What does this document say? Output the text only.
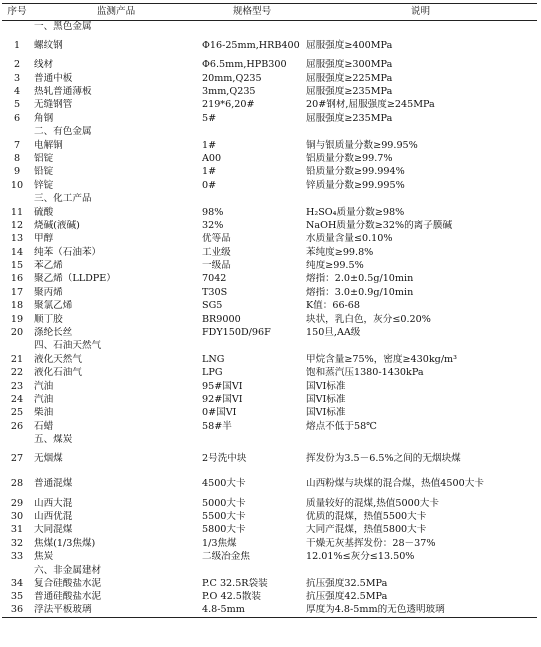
序号	监测产品	规格型号	说明
	一、黑色金属		
1	螺纹钢	Φ16-25mm,HRB400	屈服强度≥400MPa
2	线材	Φ6.5mm,HPB300	屈服强度≥300MPa
3	普通中板	20mm,Q235	屈服强度≥225MPa
4	热轧普通薄板	3mm,Q235	屈服强度≥235MPa
5	无缝钢管	219*6,20#	20#钢材,屈服强度≥245MPa
6	角钢	5#	屈服强度≥235MPa
	二、有色金属		
7	电解铜	1#	铜与银质量分数≥99.95%
8	铝锭	A00	铝质量分数≥99.7%
9	铅锭	1#	铅质量分数≥99.994%
10	锌锭	0#	锌质量分数≥99.995%
	三、化工产品		
11	硫酸	98%	H₂SO₄质量分数≥98%
12	烧碱(液碱)	32%	NaOH质量分数≥32%的离子膜碱
13	甲醇	优等品	水质量含量≤0.10%
14	纯苯（石油苯）	工业级	苯纯度≥99.8%
15	苯乙烯	一级品	纯度≥99.5%
16	聚乙烯（LLDPE）	7042	熔指：2.0±0.5g/10min
17	聚丙烯	T30S	熔指：3.0±0.9g/10min
18	聚氯乙烯	SG5	K值：66-68
19	顺丁胶	BR9000	块状，乳白色，灰分≤0.20%
20	涤纶长丝	FDY150D/96F	150旦,AA级
	四、石油天然气		
21	液化天然气	LNG	甲烷含量≥75%，密度≥430kg/m³
22	液化石油气	LPG	饱和蒸汽压1380-1430kPa
23	汽油	95#国VI	国VI标准
24	汽油	92#国VI	国VI标准
25	柴油	0#国VI	国VI标准
26	石蜡	58#半	熔点不低于58℃
	五、煤炭		
27	无烟煤	2号洗中块	挥发份为3.5－6.5%之间的无烟块煤
28	普通混煤	4500大卡	山西粉煤与块煤的混合煤，热值4500大卡
29	山西大混	5000大卡	质量较好的混煤,热值5000大卡
30	山西优混	5500大卡	优质的混煤，热值5500大卡
31	大同混煤	5800大卡	大同产混煤，热值5800大卡
32	焦煤(1/3焦煤)	1/3焦煤	干燥无灰基挥发份：28－37%
33	焦炭	二级冶金焦	12.01%≤灰分≤13.50%
	六、非金属建材		
34	复合硅酸盐水泥	P.C 32.5R袋装	抗压强度32.5MPa
35	普通硅酸盐水泥	P.O 42.5散装	抗压强度42.5MPa
36	浮法平板玻璃	4.8-5mm	厚度为4.8-5mm的无色透明玻璃
